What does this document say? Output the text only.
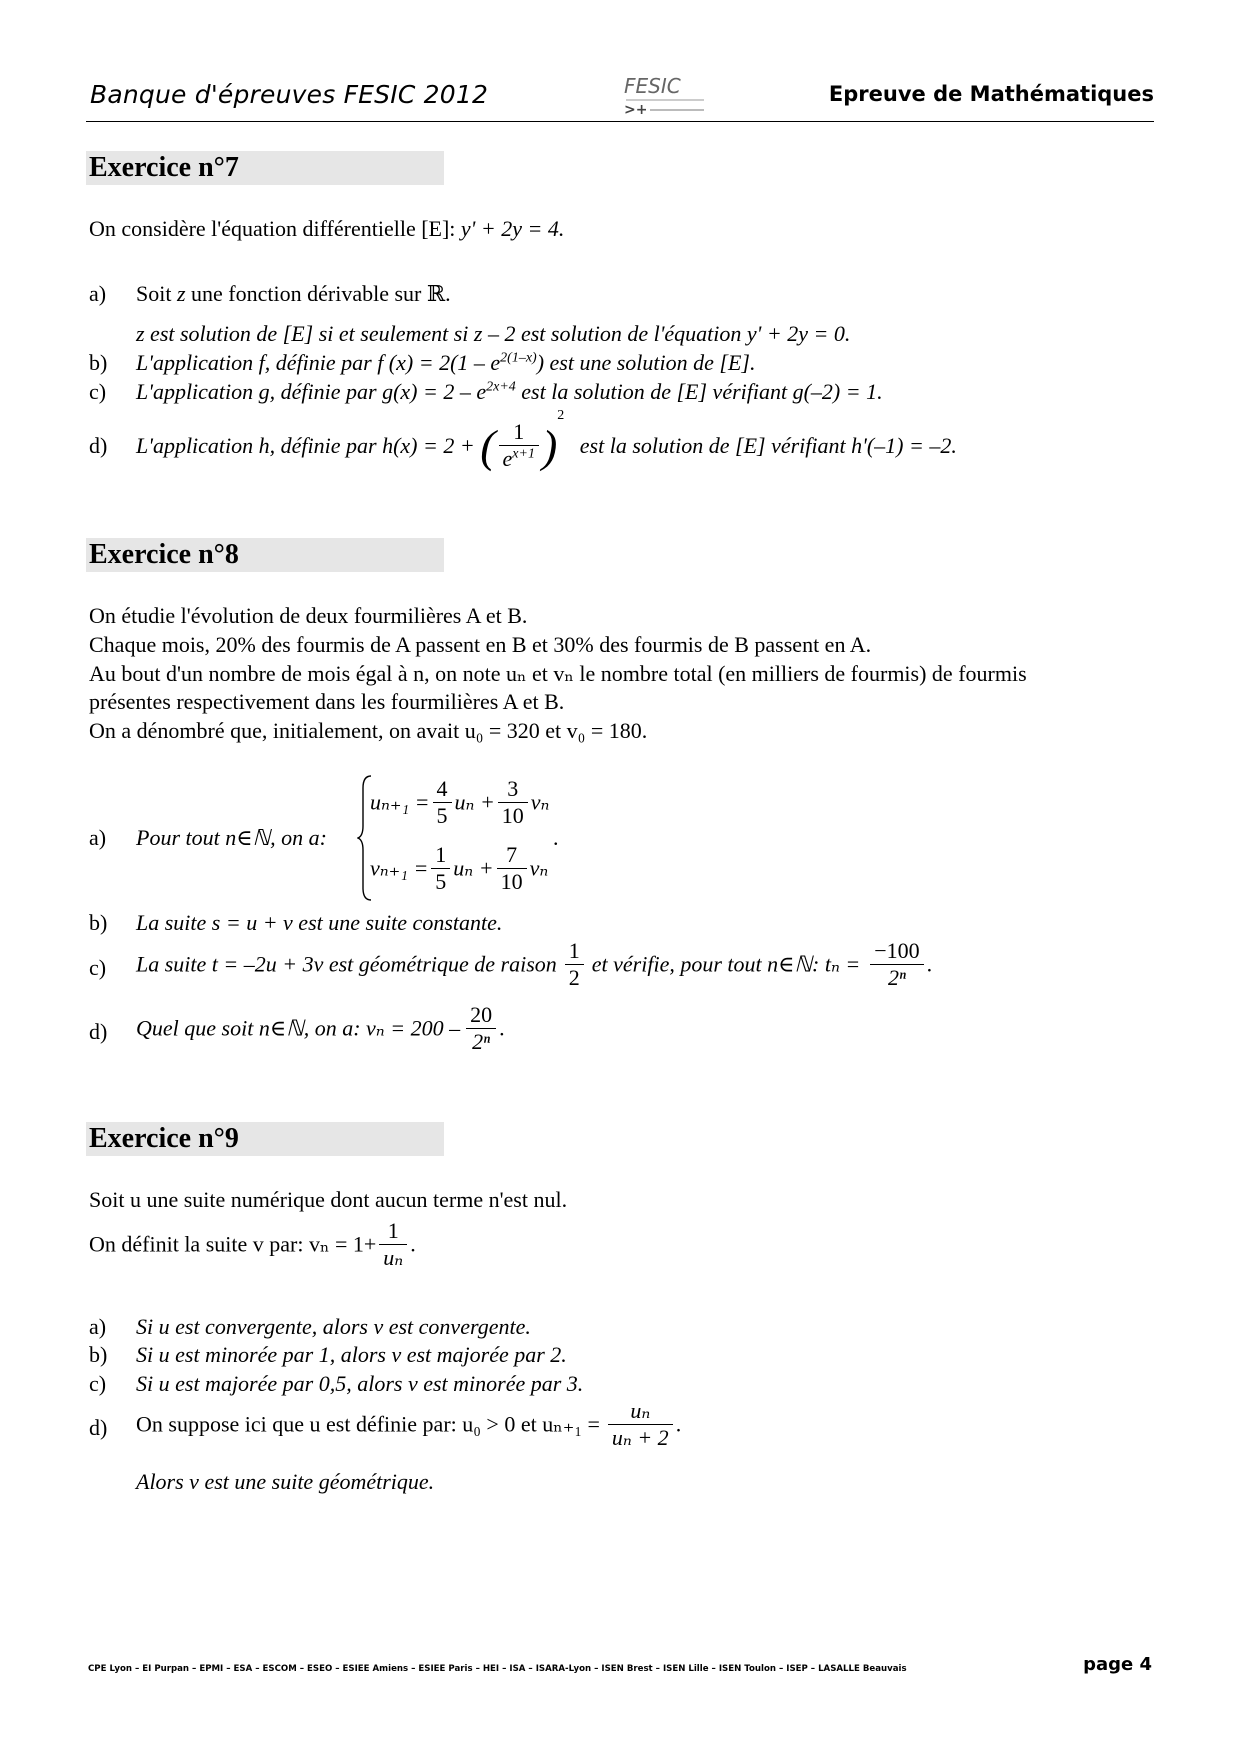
Banque d'épreuves FESIC 2012	FESIC
>+
Epreuve de Mathématiques
Exercice n°7
On considère l'équation différentielle [E]: y' + 2y = 4.
a) Soit z une fonction dérivable sur ℝ.
z est solution de [E] si et seulement si z – 2 est solution de l'équation y' + 2y = 0.
b) L'application f, définie par f $(x) = 2(1 - e^{2(1-x)})$ est une solution de [E].
c) L'application g, définie par $g(x) = 2 - e^{2x+4}$ est la solution de [E] vérifiant g(–2) = 1.
d) L'application h, définie par h(x) = 2 + ( $\frac{1}{e^{x+1}} )^2$ est la solution de [E] vérifiant h'(–1) = –2.
Exercice n°8
On étudie l'évolution de deux fourmilières A et B.
Chaque mois, 20% des fourmis de A passent en B et 30% des fourmis de B passent en A.
Au bout d'un nombre de mois égal à n, on note uₙ et vₙ le nombre total (en milliers de fourmis) de fourmis
présentes respectivement dans les fourmilières A et B.
On a dénombré que, initialement, on avait u₀ = 320 et v₀ = 180.
a) Pour tout n∈ℕ, on a:
$u_{n+1} = \frac{4}{5}$ $u_n + \frac{3}{10}$ vₙ
$v_{n+1} = \frac{1}{5}$ $u_n + \frac{7}{10}$ vₙ
.
b) La suite s = u + v est une suite constante.
c) La suite t = –2u + 3v est géométrique de raison $\frac{1}{2}$ et vérifie, pour tout n∈ℕ: $t_n = \frac{-100}{\text{2ⁿ}}$ .
d) Quel que soit n∈ℕ, on a: $v_n = 200 - \frac{20}{\text{2ⁿ}}$ .
Exercice n°9
Soit u une suite numérique dont aucun terme n'est nul.
On définit la suite v par: $v_n = 1+ \frac{1}{\text{uₙ}}$ .
a) Si u est convergente, alors v est convergente.
b) Si u est minorée par 1, alors v est majorée par 2.
c) Si u est majorée par 0,5, alors v est minorée par 3.
d) On suppose ici que u est définie par: u₀ > 0 et $u_{n+1} = \frac{\text{uₙ}}{\text{uₙ + 2}}$ .
Alors v est une suite géométrique.
CPE Lyon – EI Purpan – EPMI – ESA – ESCOM – ESEO – ESIEE Amiens – ESIEE Paris – HEI – ISA – ISARA-Lyon – ISEN Brest – ISEN Lille – ISEN Toulon – ISEP – LASALLE Beauvais	page 4
